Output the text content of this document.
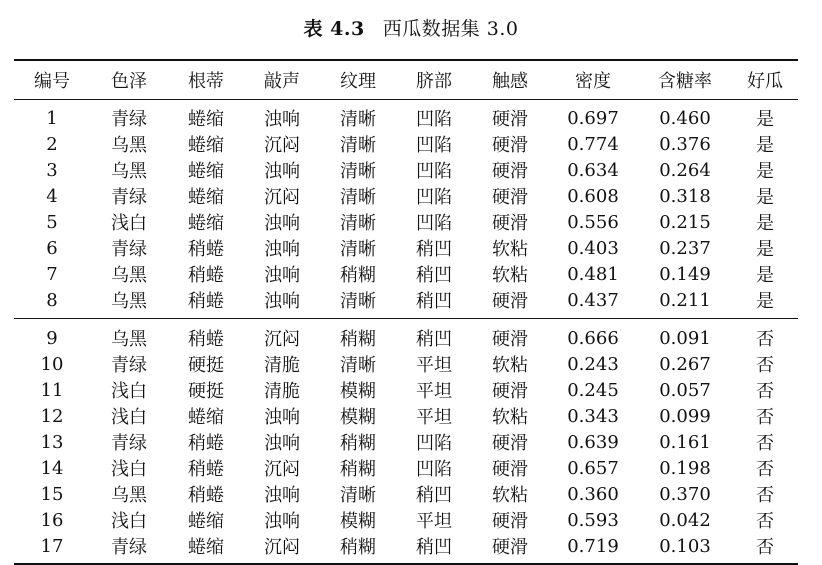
表 4.3 西瓜数据集 3.0
编号	色泽	根蒂	敲声	纹理	脐部	触感	密度	含糖率	好瓜
1	青绿	蜷缩	浊响	清晰	凹陷	硬滑	0.697	0.460	是
2	乌黑	蜷缩	沉闷	清晰	凹陷	硬滑	0.774	0.376	是
3	乌黑	蜷缩	浊响	清晰	凹陷	硬滑	0.634	0.264	是
4	青绿	蜷缩	沉闷	清晰	凹陷	硬滑	0.608	0.318	是
5	浅白	蜷缩	浊响	清晰	凹陷	硬滑	0.556	0.215	是
6	青绿	稍蜷	浊响	清晰	稍凹	软粘	0.403	0.237	是
7	乌黑	稍蜷	浊响	稍糊	稍凹	软粘	0.481	0.149	是
8	乌黑	稍蜷	浊响	清晰	稍凹	硬滑	0.437	0.211	是
9	乌黑	稍蜷	沉闷	稍糊	稍凹	硬滑	0.666	0.091	否
10	青绿	硬挺	清脆	清晰	平坦	软粘	0.243	0.267	否
11	浅白	硬挺	清脆	模糊	平坦	硬滑	0.245	0.057	否
12	浅白	蜷缩	浊响	模糊	平坦	软粘	0.343	0.099	否
13	青绿	稍蜷	浊响	稍糊	凹陷	硬滑	0.639	0.161	否
14	浅白	稍蜷	沉闷	稍糊	凹陷	硬滑	0.657	0.198	否
15	乌黑	稍蜷	浊响	清晰	稍凹	软粘	0.360	0.370	否
16	浅白	蜷缩	浊响	模糊	平坦	硬滑	0.593	0.042	否
17	青绿	蜷缩	沉闷	稍糊	稍凹	硬滑	0.719	0.103	否
